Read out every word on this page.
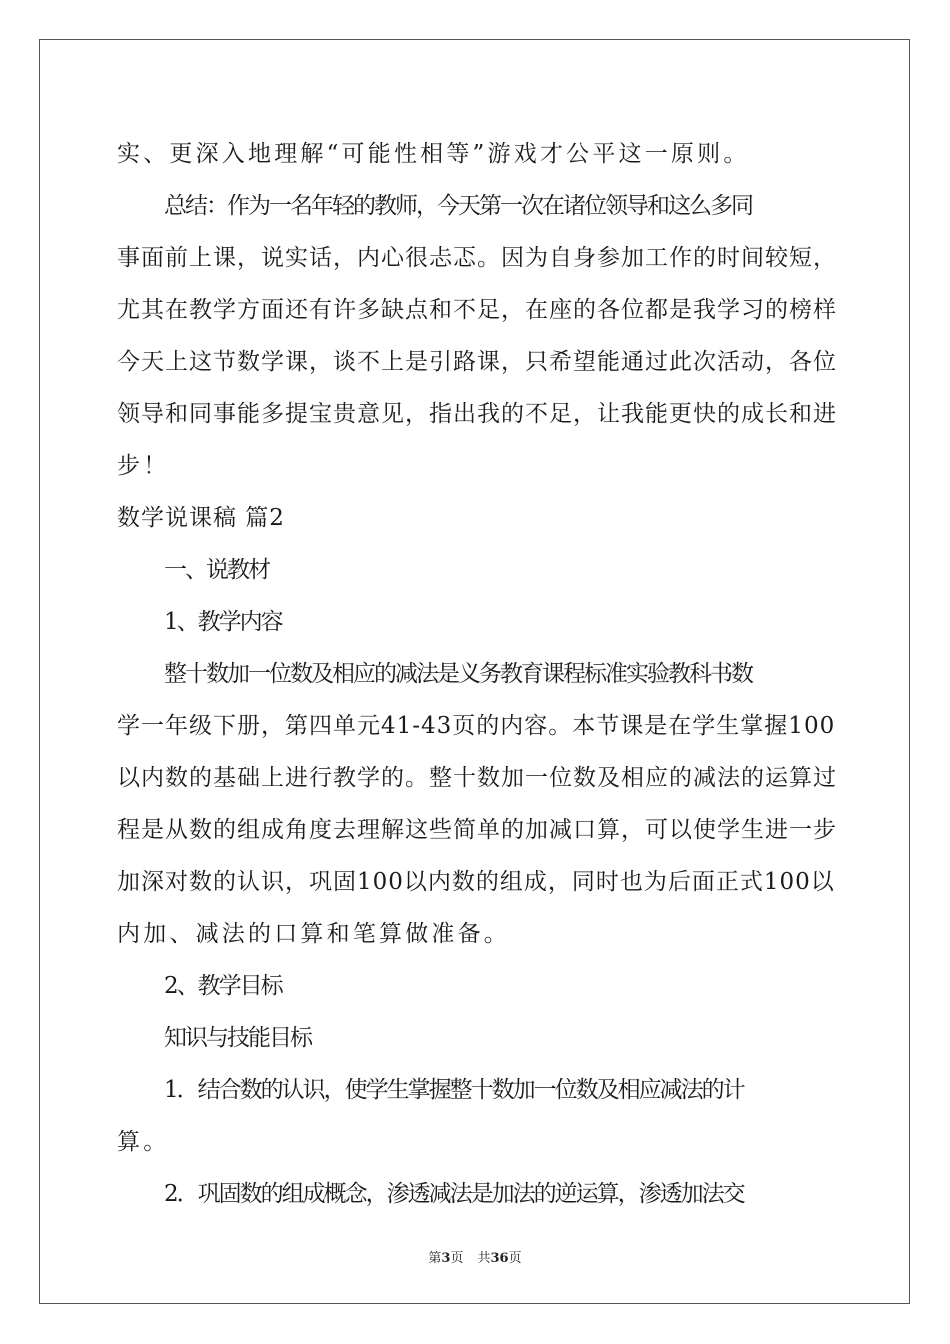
实、更深入地理解“可能性相等”游戏才公平这一原则。

总结：作为一名年轻的教师，今天第一次在诸位领导和这么多同
事面前上课，说实话，内心很忐忑。因为自身参加工作的时间较短，
尤其在教学方面还有许多缺点和不足，在座的各位都是我学习的榜样
今天上这节数学课，谈不上是引路课，只希望能通过此次活动，各位
领导和同事能多提宝贵意见，指出我的不足，让我能更快的成长和进
步！

数学说课稿 篇2

一、说教材
1、教学内容
整十数加一位数及相应的减法是义务教育课程标准实验教科书数
学一年级下册，第四单元41-43页的内容。本节课是在学生掌握100
以内数的基础上进行教学的。整十数加一位数及相应的减法的运算过
程是从数的组成角度去理解这些简单的加减口算，可以使学生进一步
加深对数的认识，巩固100以内数的组成，同时也为后面正式100以
内加、减法的口算和笔算做准备。
2、教学目标
知识与技能目标
1．结合数的认识，使学生掌握整十数加一位数及相应减法的计
算。
2．巩固数的组成概念，渗透减法是加法的逆运算，渗透加法交
第3页 共36页
